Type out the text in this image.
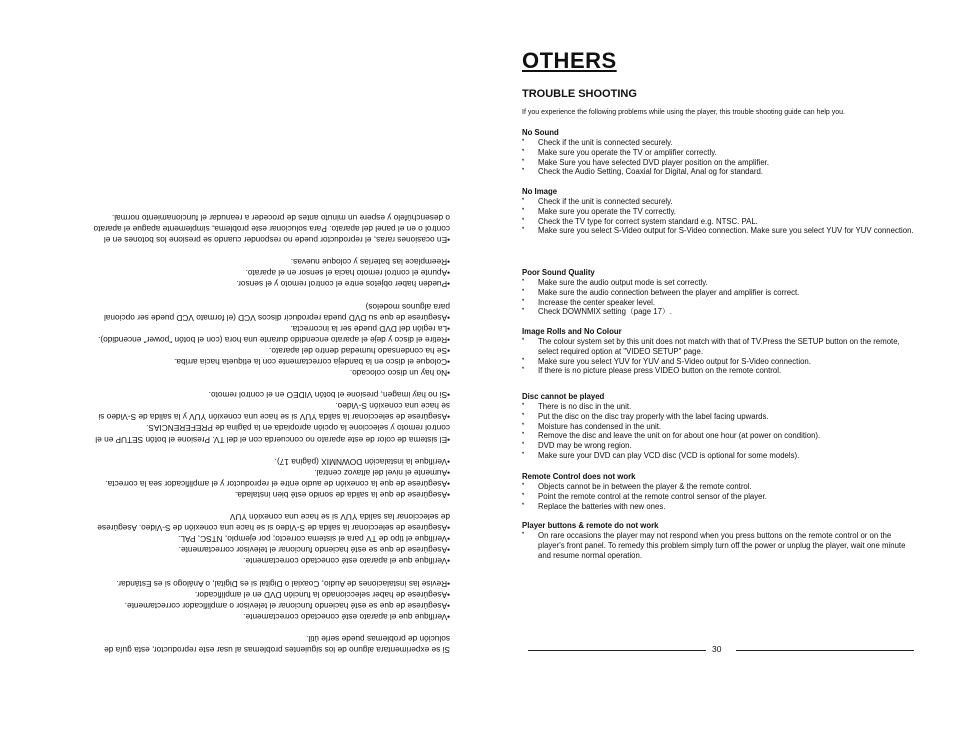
Si se experimentara alguno de los siguientes problemas al usar este reproductor, esta guía de

solución de problemas puede serle útil.

•Verifique que el aparato esté conectado correctamente.

•Asegúrese de que se esté haciendo funcionar el televisor o amplificador correctamente.

•Asegúrese de haber seleccionado la función DVD en el amplificador.

•Revise las instalaciones de Audio, Coaxial o Digital si es Digital, o Análogo si es Estándar.

•Verifique que el aparato esté conectado correctamente.

•Asegúrese de que se esté haciendo funcionar el televisor correctamente.

•Verifique el tipo de TV para el sistema correcto; por ejemplo, NTSC, PAL.

•Asegúrese de seleccionar la salida de S-Video si se hace una conexión de S-Video. Asegúrese

de seleccionar las salida YUV si se hace una conexión YUV

•Asegúrese de que la salida de sonido esté bien instalada.

•Asegúrese de que la conexión de audio entre el reproductor y el amplificador sea la correcta.

•Aumente el nivel del altavoz central.

•Verifique la instalación DOWNMIX (página 17).

•El sistema de color de este aparato no concuerda con el del TV. Presione el botón SETUP en el

control remoto y seleccione la opción apropiada en la página de PREFERENCIAS.

•Asegúrese de seleccionar la salida YUV si se hace una conexión YUV y la salida de S-Video si

se hace una conexión S-Video.

•Si no hay imagen, presione el botón VIDEO en el control remoto.

•No hay un disco colocado.

•Coloque el disco en la bandeja correctamente con la etiqueta hacia arriba.

•Se ha condensado humedad dentro del aparato.

•Retire el disco y deje el aparato encendido durante una hora (con el botón "power" encendido).

•La región del DVD puede ser la incorrecta.

•Asegúrese de que su DVD pueda reproducir discos VCD (el formato VCD puede ser opcional

para algunos modelos)

•Pueden haber objetos entre el control remoto y el sensor.

•Apunte el control remoto hacia el sensor en el aparato.

•Reemplace las baterías y coloque nuevas.

•En ocasiones raras, el reproductor puede no responder cuando se presione los botones en el

control o en el panel del aparato. Para solucionar este problema, simplemente apague el aparato

o desenchúfelo y espere un minuto antes de proceder a reanudar el funcionamiento normal.

OTHERS
TROUBLE SHOOTING
If you experience the following problems while using the player, this trouble shooting guide can help you.
No Sound
❜ Check if the unit is connected securely.
❜ Make sure you operate the TV or amplifier correctly.
❜ Make Sure you have selected DVD player position on the amplifier.
❜ Check the Audio Setting, Coaxial for Digital, Anal og for standard.
No Image
❜ Check if the unit is connected securely.
❜ Make sure you operate the TV correctly.
❜ Check the TV type for correct system standard e.g. NTSC. PAL.
❜ Make sure you select S-Video output for S-Video connection. Make sure you select YUV for YUV connection.
Poor Sound Quality
❜ Make sure the audio output mode is set correctly.
❜ Make sure the audio connection between the player and amplifier is correct.
❜ Increase the center speaker level.
❜ Check DOWNMIX setting（page 17）.
Image Rolls and No Colour
❜ The colour system set by this unit does not match with that of TV.Press the SETUP button on the remote, select required option at "VIDEO SETUP" page.
❜ Make sure you select YUV for YUV and S-Video output for S-Video connection.
❜ If there is no picture please press VIDEO button on the remote control.
Disc cannot be played
❜ There is no disc in the unit.
❜ Put the disc on the disc tray properly with the label facing upwards.
❜ Moisture has condensed in the unit.
❜ Remove the disc and leave the unit on for about one hour (at power on condition).
❜ DVD may be wrong region.
❜ Make sure your DVD can play VCD disc (VCD is optional for some models).
Remote Control does not work
❜ Objects cannot be in between the player & the remote control.
❜ Point the remote control at the remote control sensor of the player.
❜ Replace the batteries with new ones.
Player buttons & remote do not work
❜ On rare occasions the player may not respond when you press buttons on the remote control or on the player's front panel. To remedy this problem simply turn off the power or unplug the player, wait one minute and resume normal operation.
30
